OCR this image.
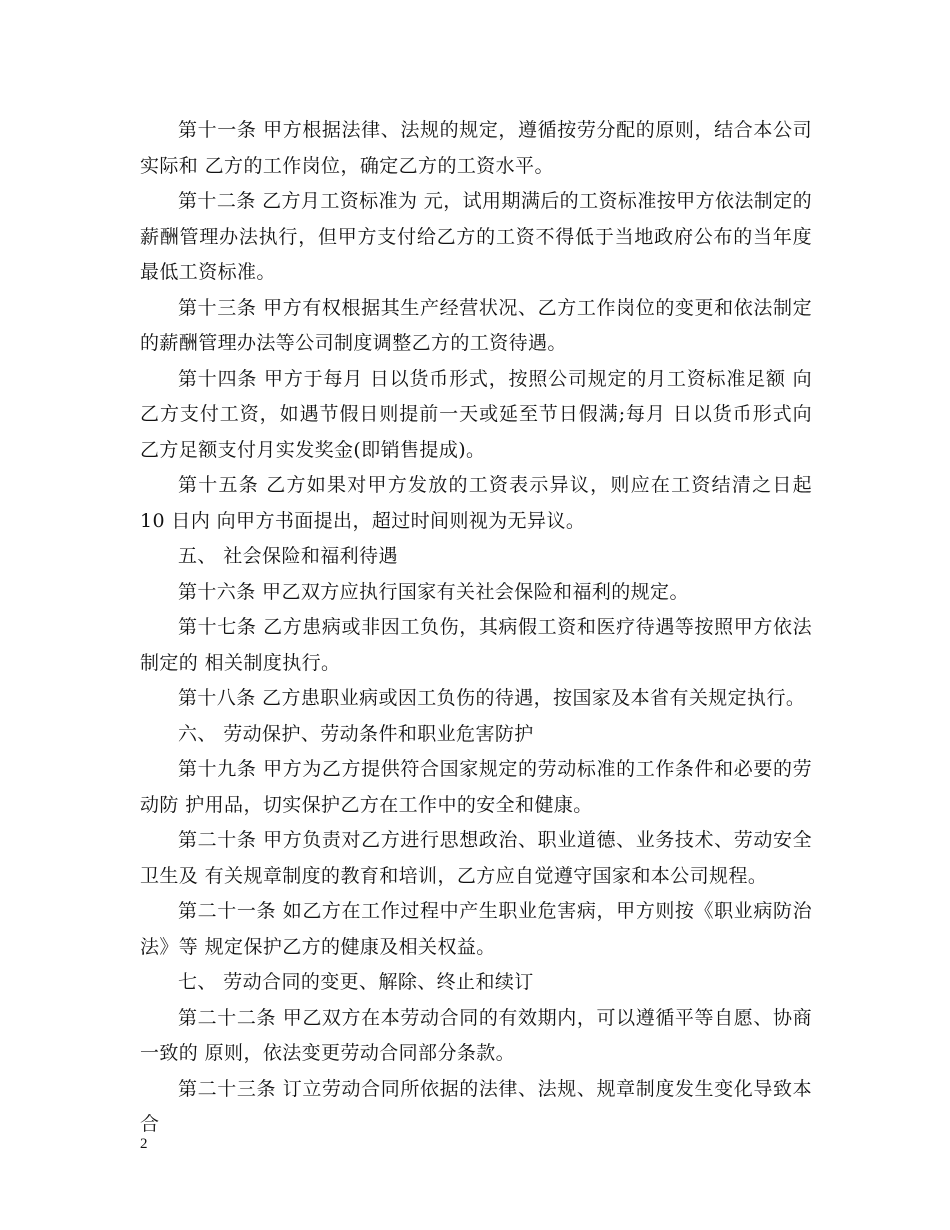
第十一条 甲方根据法律、法规的规定，遵循按劳分配的原则，结合本公司实际和 乙方的工作岗位，确定乙方的工资水平。

第十二条 乙方月工资标准为 元，试用期满后的工资标准按甲方依法制定的薪酬管理办法执行，但甲方支付给乙方的工资不得低于当地政府公布的当年度最低工资标准。

第十三条 甲方有权根据其生产经营状况、乙方工作岗位的变更和依法制定的薪酬管理办法等公司制度调整乙方的工资待遇。

第十四条 甲方于每月 日以货币形式，按照公司规定的月工资标准足额 向乙方支付工资，如遇节假日则提前一天或延至节日假满;每月 日以货币形式向乙方足额支付月实发奖金(即销售提成)。

第十五条 乙方如果对甲方发放的工资表示异议，则应在工资结清之日起 10 日内 向甲方书面提出，超过时间则视为无异议。

五、 社会保险和福利待遇

第十六条 甲乙双方应执行国家有关社会保险和福利的规定。

第十七条 乙方患病或非因工负伤，其病假工资和医疗待遇等按照甲方依法制定的 相关制度执行。

第十八条 乙方患职业病或因工负伤的待遇，按国家及本省有关规定执行。

六、 劳动保护、劳动条件和职业危害防护

第十九条 甲方为乙方提供符合国家规定的劳动标准的工作条件和必要的劳动防 护用品，切实保护乙方在工作中的安全和健康。

第二十条 甲方负责对乙方进行思想政治、职业道德、业务技术、劳动安全卫生及 有关规章制度的教育和培训，乙方应自觉遵守国家和本公司规程。

第二十一条 如乙方在工作过程中产生职业危害病，甲方则按《职业病防治法》等 规定保护乙方的健康及相关权益。

七、 劳动合同的变更、解除、终止和续订

第二十二条 甲乙双方在本劳动合同的有效期内，可以遵循平等自愿、协商一致的 原则，依法变更劳动合同部分条款。

第二十三条 订立劳动合同所依据的法律、法规、规章制度发生变化导致本合

2
